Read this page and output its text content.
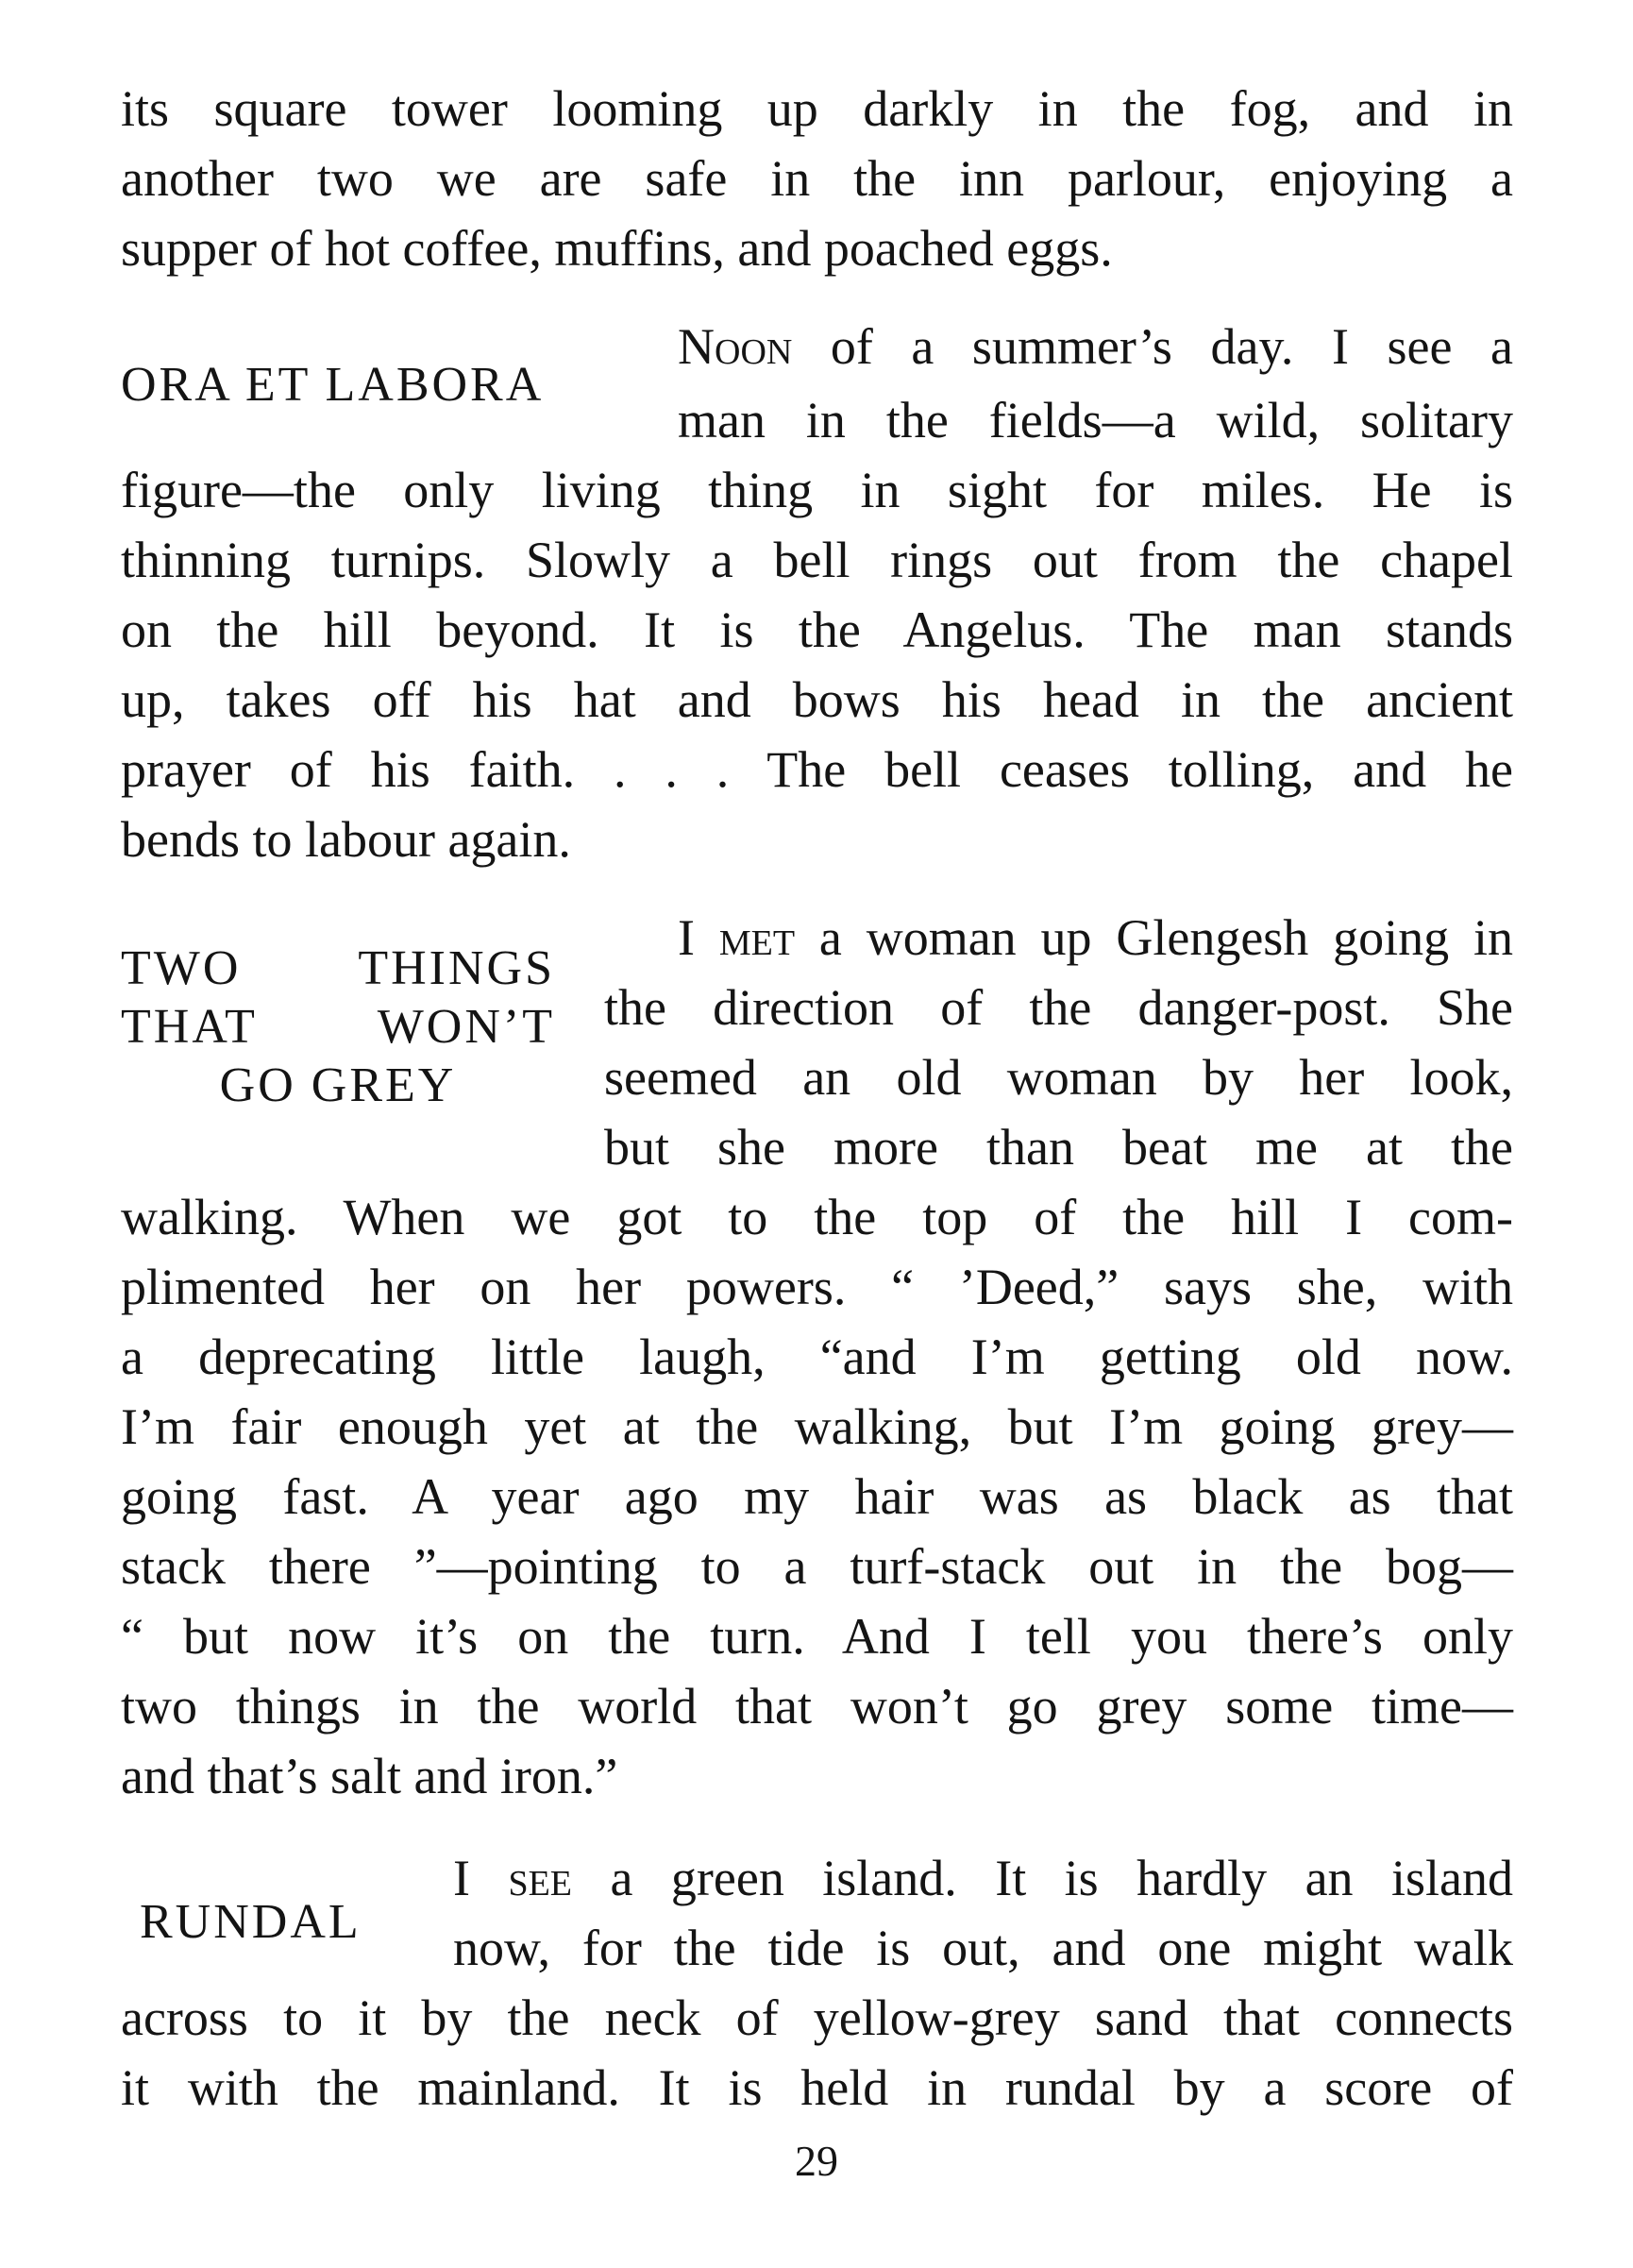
its square tower looming up darkly in the fog, and in
another two we are safe in the inn parlour, enjoying a
supper of hot coffee, muffins, and poached eggs.
ORA ET LABORA
Noon of a summer’s day. I see a
man in the fields—a wild, solitary
figure—the only living thing in sight for miles. He is
thinning turnips. Slowly a bell rings out from the chapel
on the hill beyond. It is the Angelus. The man stands
up, takes off his hat and bows his head in the ancient
prayer of his faith. . . . The bell ceases tolling, and he
bends to labour again.
TWO THINGS
THAT WON’T
GO GREY
I met a woman up Glengesh going in
the direction of the danger-post. She
seemed an old woman by her look,
but she more than beat me at the
walking. When we got to the top of the hill I com-
plimented her on her powers. “ ’Deed,” says she, with
a deprecating little laugh, “and I’m getting old now.
I’m fair enough yet at the walking, but I’m going grey—
going fast. A year ago my hair was as black as that
stack there ”—pointing to a turf-stack out in the bog—
“ but now it’s on the turn. And I tell you there’s only
two things in the world that won’t go grey some time—
and that’s salt and iron.”
RUNDAL
I see a green island. It is hardly an island
now, for the tide is out, and one might walk
across to it by the neck of yellow-grey sand that connects
it with the mainland. It is held in rundal by a score of
29
